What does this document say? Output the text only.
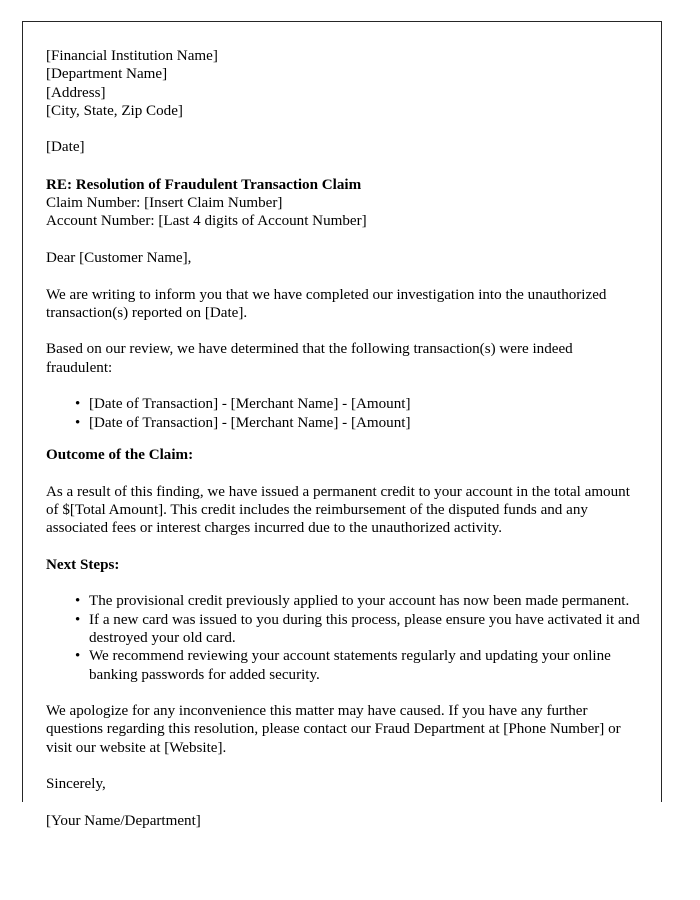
[Financial Institution Name]
[Department Name]
[Address]
[City, State, Zip Code]
[Date]
RE: Resolution of Fraudulent Transaction Claim
Claim Number: [Insert Claim Number]
Account Number: [Last 4 digits of Account Number]
Dear [Customer Name],

We are writing to inform you that we have completed our investigation into the unauthorized transaction(s) reported on [Date].

Based on our review, we have determined that the following transaction(s) were indeed fraudulent:

• [Date of Transaction] - [Merchant Name] - [Amount]
• [Date of Transaction] - [Merchant Name] - [Amount]
Outcome of the Claim:

As a result of this finding, we have issued a permanent credit to your account in the total amount of $[Total Amount]. This credit includes the reimbursement of the disputed funds and any associated fees or interest charges incurred due to the unauthorized activity.

Next Steps:
• The provisional credit previously applied to your account has now been made permanent.
• If a new card was issued to you during this process, please ensure you have activated it and destroyed your old card.
• We recommend reviewing your account statements regularly and updating your online banking passwords for added security.

We apologize for any inconvenience this matter may have caused. If you have any further questions regarding this resolution, please contact our Fraud Department at [Phone Number] or visit our website at [Website].

Sincerely,
[Your Name/Department]
